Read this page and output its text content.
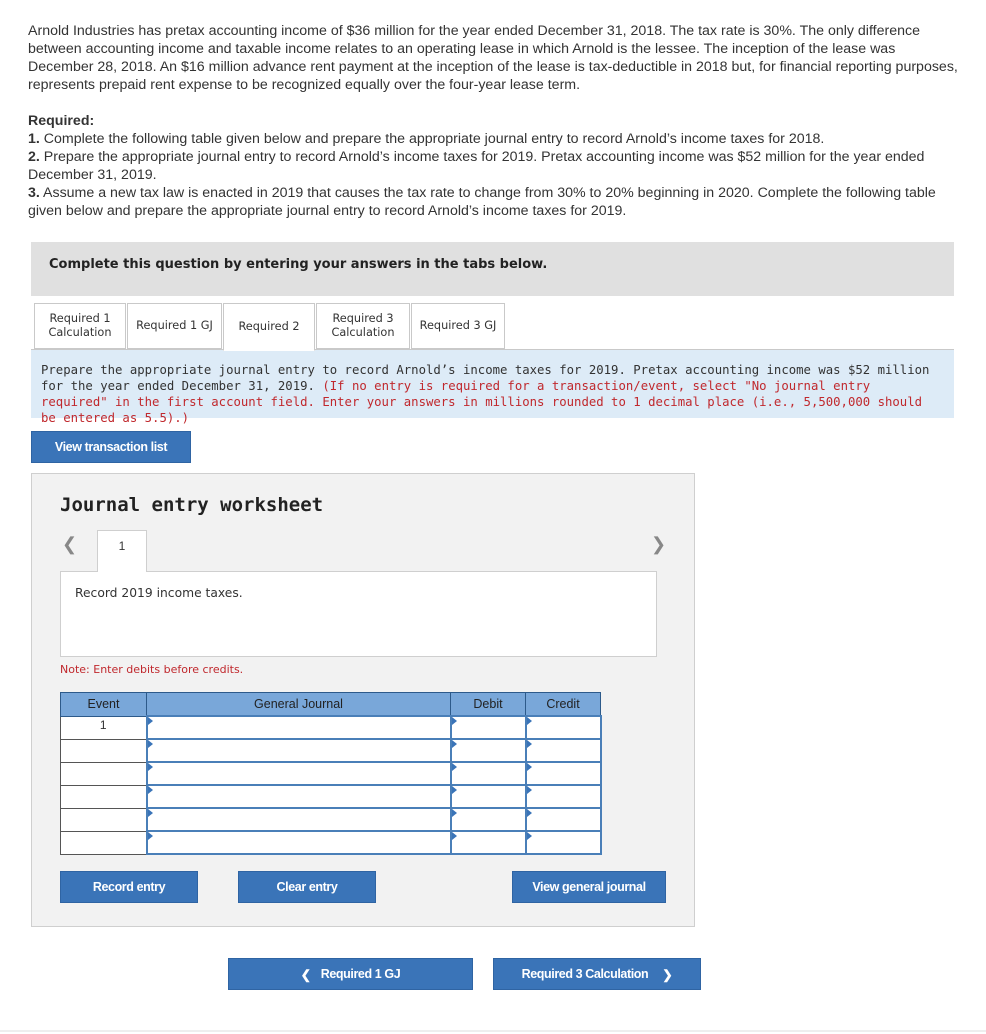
Arnold Industries has pretax accounting income of $36 million for the year ended December 31, 2018. The tax rate is 30%. The only difference between accounting income and taxable income relates to an operating lease in which Arnold is the lessee. The inception of the lease was December 28, 2018. An $16 million advance rent payment at the inception of the lease is tax-deductible in 2018 but, for financial reporting purposes, represents prepaid rent expense to be recognized equally over the four-year lease term.

Required:
1. Complete the following table given below and prepare the appropriate journal entry to record Arnold’s income taxes for 2018.
2. Prepare the appropriate journal entry to record Arnold’s income taxes for 2019. Pretax accounting income was $52 million for the year ended December 31, 2019.
3. Assume a new tax law is enacted in 2019 that causes the tax rate to change from 30% to 20% beginning in 2020. Complete the following table given below and prepare the appropriate journal entry to record Arnold’s income taxes for 2019.
Complete this question by entering your answers in the tabs below.
Required 1
Calculation
Required 1 GJ Required 2
Required 3
Calculation
Required 3 GJ
Prepare the appropriate journal entry to record Arnold’s income taxes for 2019. Pretax accounting income was $52 million for the year ended December 31, 2019. (If no entry is required for a transaction/event, select "No journal entry required" in the first account field. Enter your answers in millions rounded to 1 decimal place (i.e., 5,500,000 should be entered as 5.5).)
View transaction list
Journal entry worksheet
❮	❯
1
Record 2019 income taxes.
Note: Enter debits before credits.
Event	General Journal	Debit	Credit
1	

Record entry	Clear entry	View general journal
❮ Required 1 GJ	Required 3 Calculation ❯
